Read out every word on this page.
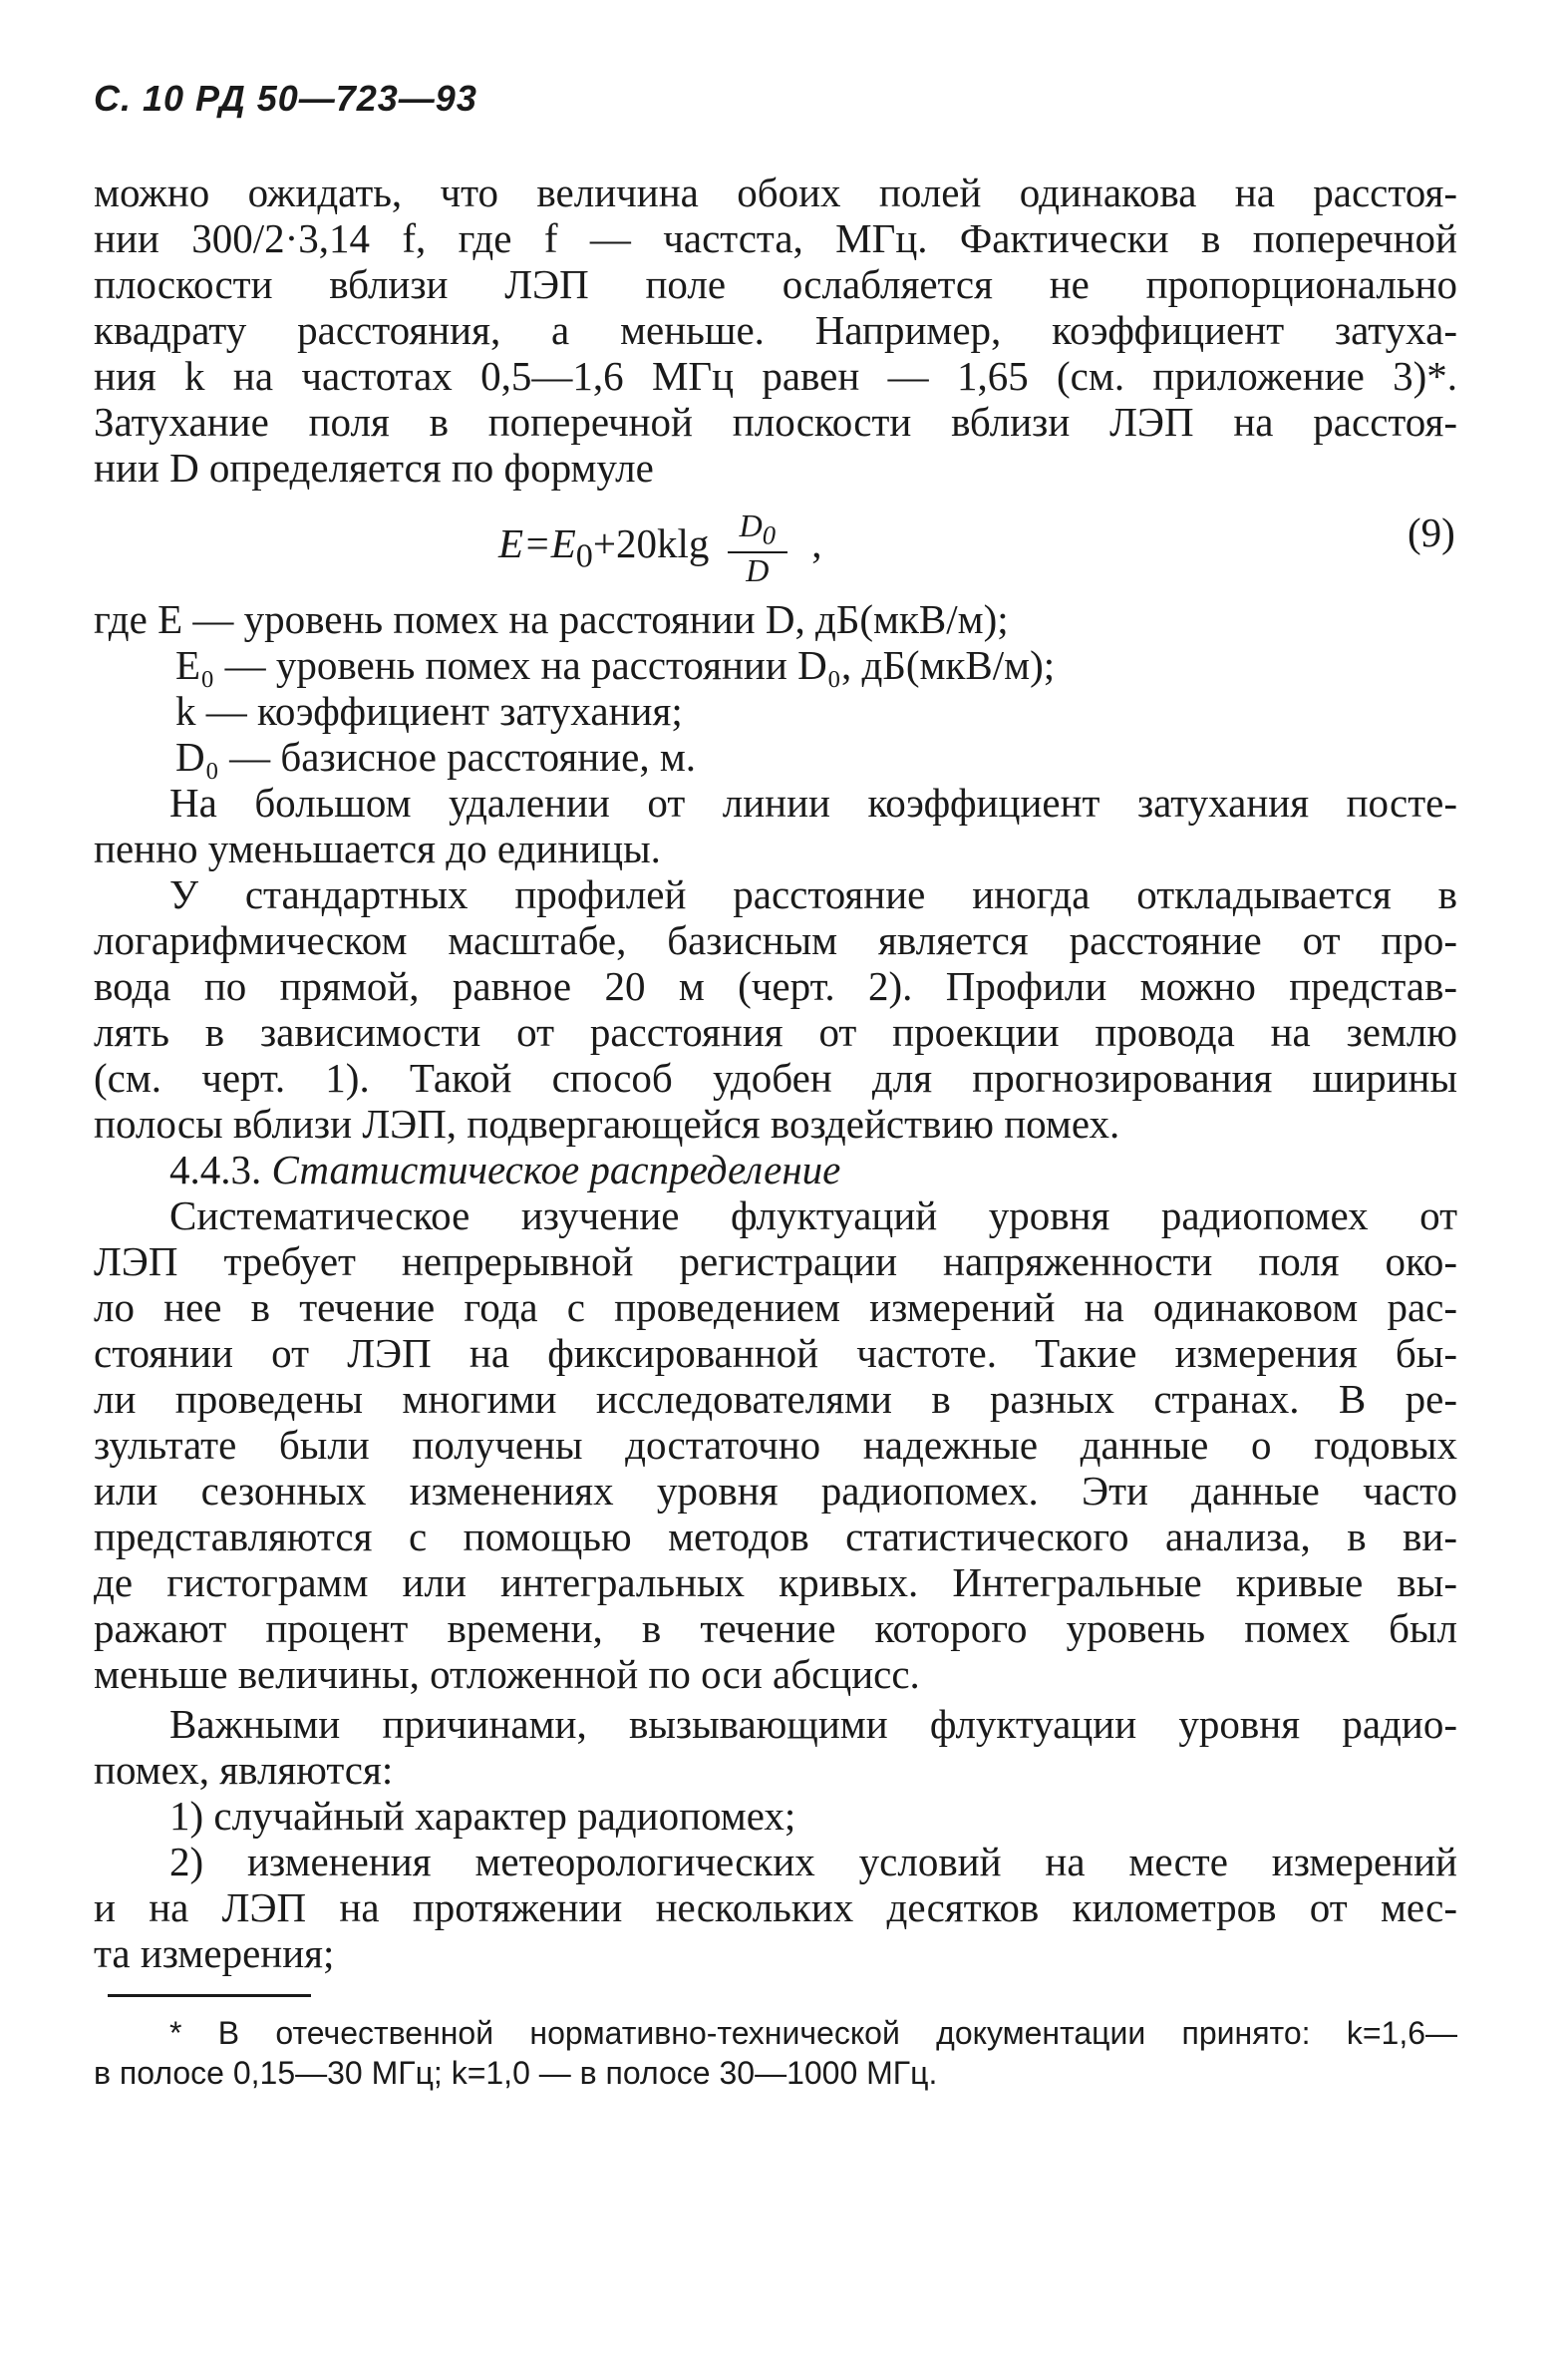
С. 10 РД 50—723—93
можно ожидать, что величина обоих полей одинакова на расстоя-
нии 300/2·3,14 f, где f — частста, МГц. Фактически в поперечной
плоскости вблизи ЛЭП поле ослабляется не пропорционально
квадрату расстояния, а меньше. Например, коэффициент затуха-
ния k на частотах 0,5—1,6 МГц равен — 1,65 (см. приложение 3)*.
Затухание поля в поперечной плоскости вблизи ЛЭП на расстоя-
нии D определяется по формуле
$E=E_0+20klg \frac{D_0}{D}$ ,	(9)
где E — уровень помех на расстоянии D, дБ(мкВ/м);
E₀ — уровень помех на расстоянии D₀, дБ(мкВ/м);
k — коэффициент затухания;
D₀ — базисное расстояние, м.
На большом удалении от линии коэффициент затухания посте-
пенно уменьшается до единицы.
У стандартных профилей расстояние иногда откладывается в
логарифмическом масштабе, базисным является расстояние от про-
вода по прямой, равное 20 м (черт. 2). Профили можно представ-
лять в зависимости от расстояния от проекции провода на землю
(см. черт. 1). Такой способ удобен для прогнозирования ширины
полосы вблизи ЛЭП, подвергающейся воздействию помех.
4.4.3. Статистическое распределение
Систематическое изучение флуктуаций уровня радиопомех от
ЛЭП требует непрерывной регистрации напряженности поля око-
ло нее в течение года с проведением измерений на одинаковом рас-
стоянии от ЛЭП на фиксированной частоте. Такие измерения бы-
ли проведены многими исследователями в разных странах. В ре-
зультате были получены достаточно надежные данные о годовых
или сезонных изменениях уровня радиопомех. Эти данные часто
представляются с помощью методов статистического анализа, в ви-
де гистограмм или интегральных кривых. Интегральные кривые вы-
ражают процент времени, в течение которого уровень помех был
меньше величины, отложенной по оси абсцисс.
Важными причинами, вызывающими флуктуации уровня радио-
помех, являются:
1) случайный характер радиопомех;
2) изменения метеорологических условий на месте измерений
и на ЛЭП на протяжении нескольких десятков километров от мес-
та измерения;
* В отечественной нормативно-технической документации принято: k=1,6—
в полосе 0,15—30 МГц; k=1,0 — в полосе 30—1000 МГц.
